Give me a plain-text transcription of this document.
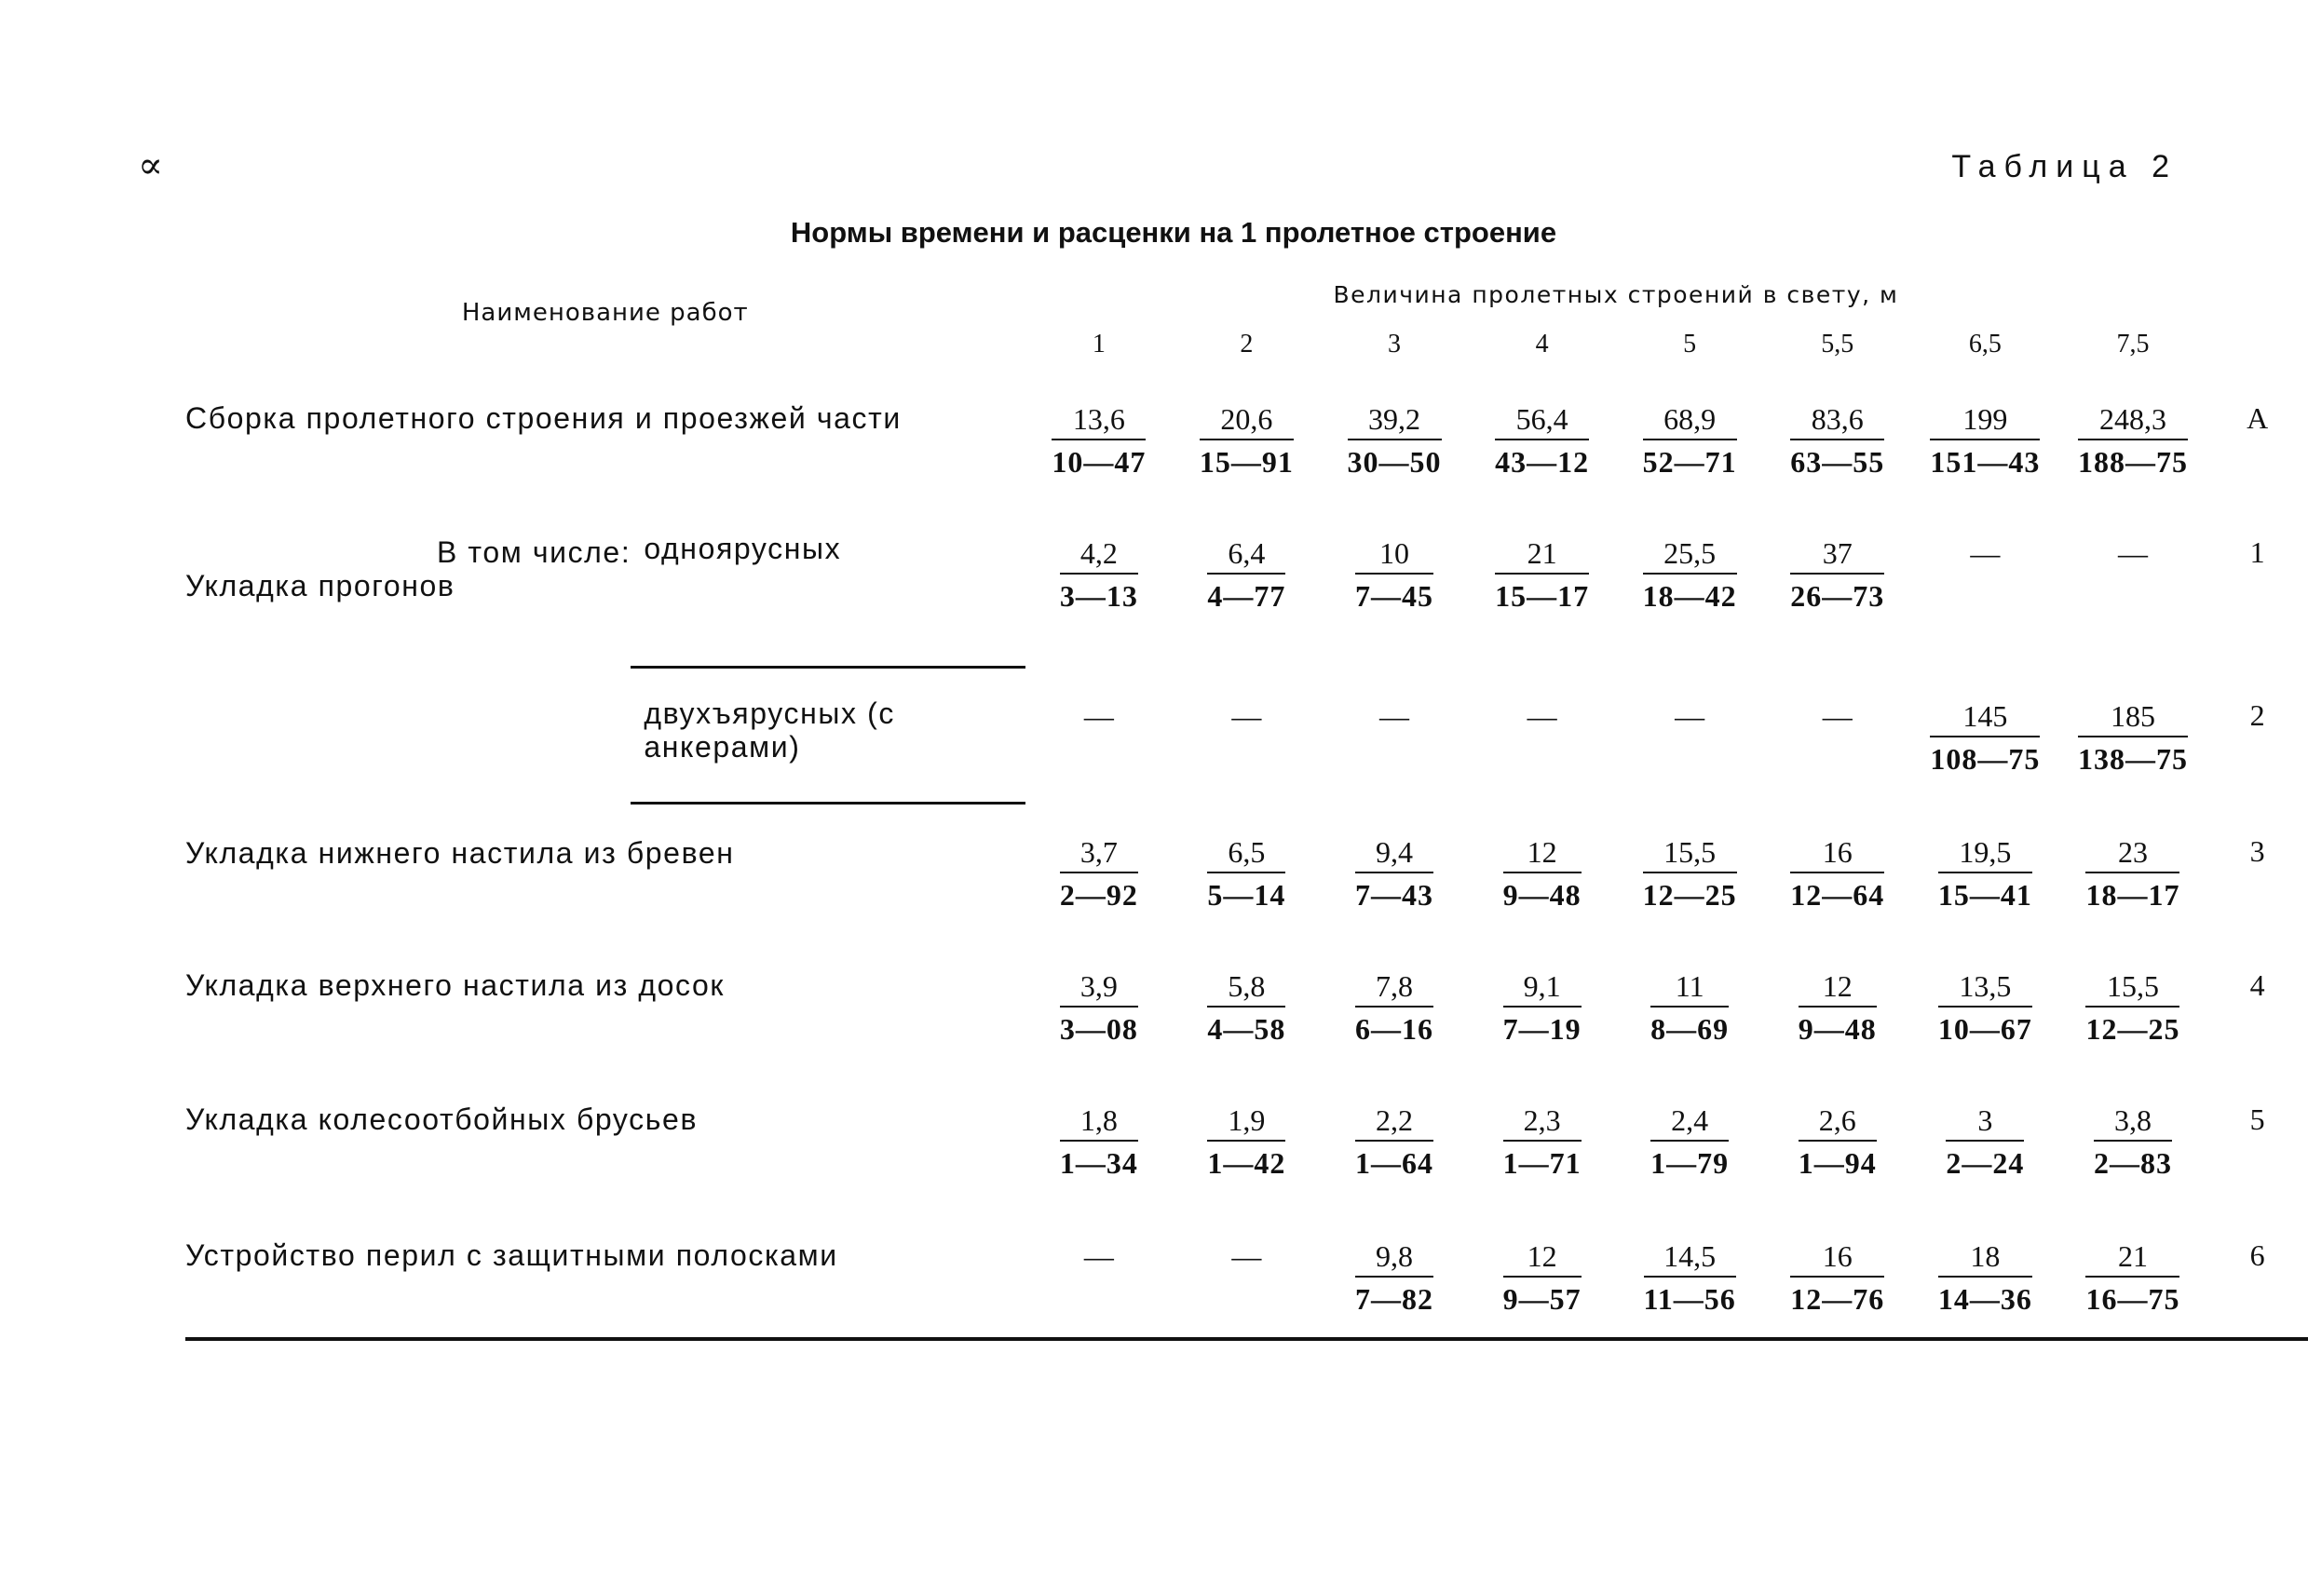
∝	Таблица 2
Нормы времени и расценки на 1 пролетное строение
Наименование работ		Величина пролетных строений в свету, м								
		1	2	3	4	5	5,5	6,5	7,5	
Сборка пролетного строения и проезжей части		$\frac{13,6}{10—47}$	$\frac{20,6}{15—91}$	$\frac{39,2}{30—50}$	$\frac{56,4}{43—12}$	$\frac{68,9}{52—71}$	$\frac{83,6}{63—55}$	$\frac{199}{151—43}$	$\frac{248,3}{188—75}$	А

В том числе:
Укладка прогонов	одноярусных	$\frac{4,2}{3—13}$	$\frac{6,4}{4—77}$	$\frac{10}{7—45}$	$\frac{21}{15—17}$	$\frac{25,5}{18—42}$	$\frac{37}{26—73}$	—	—	1
	двухъярусных (с анкерами)	—	—	—	—	—	—	$\frac{145}{108—75}$	$\frac{185}{138—75}$	2
Укладка нижнего настила из бревен		$\frac{3,7}{2—92}$	$\frac{6,5}{5—14}$	$\frac{9,4}{7—43}$	$\frac{12}{9—48}$	$\frac{15,5}{12—25}$	$\frac{16}{12—64}$	$\frac{19,5}{15—41}$	$\frac{23}{18—17}$	3
Укладка верхнего настила из досок		$\frac{3,9}{3—08}$	$\frac{5,8}{4—58}$	$\frac{7,8}{6—16}$	$\frac{9,1}{7—19}$	$\frac{11}{8—69}$	$\frac{12}{9—48}$	$\frac{13,5}{10—67}$	$\frac{15,5}{12—25}$	4
Укладка колесоотбойных брусьев		$\frac{1,8}{1—34}$	$\frac{1,9}{1—42}$	$\frac{2,2}{1—64}$	$\frac{2,3}{1—71}$	$\frac{2,4}{1—79}$	$\frac{2,6}{1—94}$	$\frac{3}{2—24}$	$\frac{3,8}{2—83}$	5
Устройство перил с защитными полосками		—	—	$\frac{9,8}{7—82}$	$\frac{12}{9—57}$	$\frac{14,5}{11—56}$	$\frac{16}{12—76}$	$\frac{18}{14—36}$	$\frac{21}{16—75}$	6
